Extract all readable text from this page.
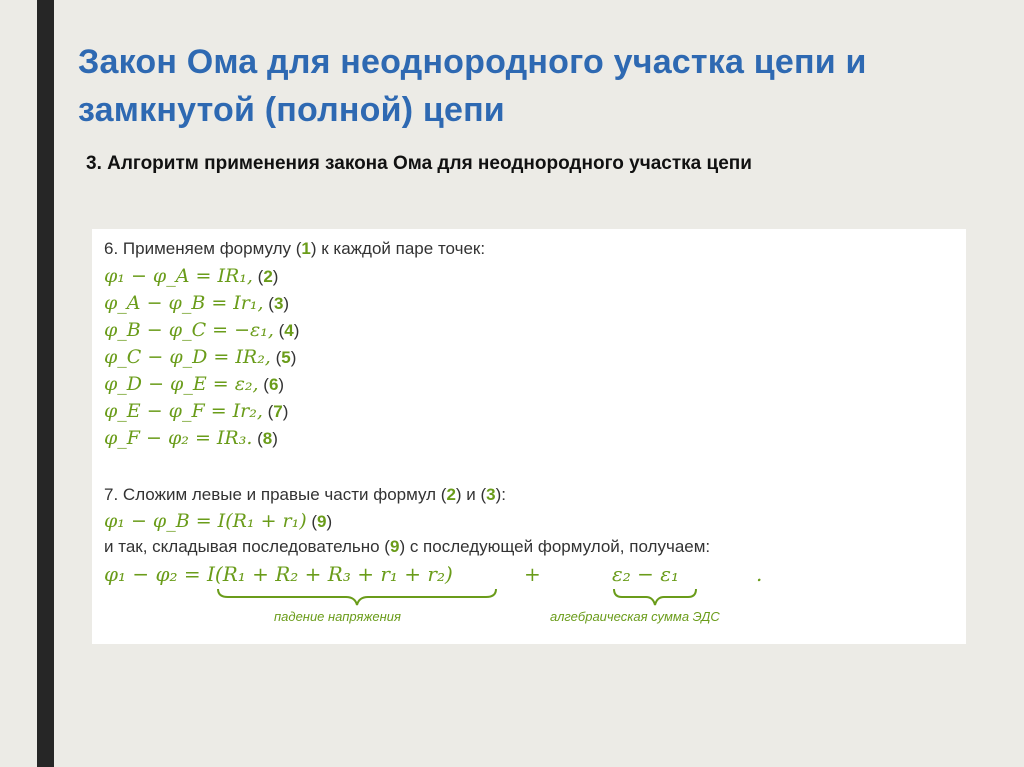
Закон Ома для неоднородного участка цепи и замкнутой (полной) цепи
3. Алгоритм применения закона Ома для неоднородного участка цепи
6. Применяем формулу (1) к каждой паре точек:
φ₁ − φ_A = IR₁, (2)
φ_A − φ_B = Ir₁, (3)
φ_B − φ_C = −ε₁, (4)
φ_C − φ_D = IR₂, (5)
φ_D − φ_E = ε₂, (6)
φ_E − φ_F = Ir₂, (7)
φ_F − φ₂ = IR₃. (8)
7. Сложим левые и правые части формул (2) и (3):
φ₁ − φ_B = I(R₁ + r₁) (9)
и так, складывая последовательно (9) с последующей формулой, получаем:
φ₁ − φ₂ = I(R₁ + R₂ + R₃ + r₁ + r₂)	+	ε₂ − ε₁	.
падение напряжения	алгебраическая сумма ЭДС
